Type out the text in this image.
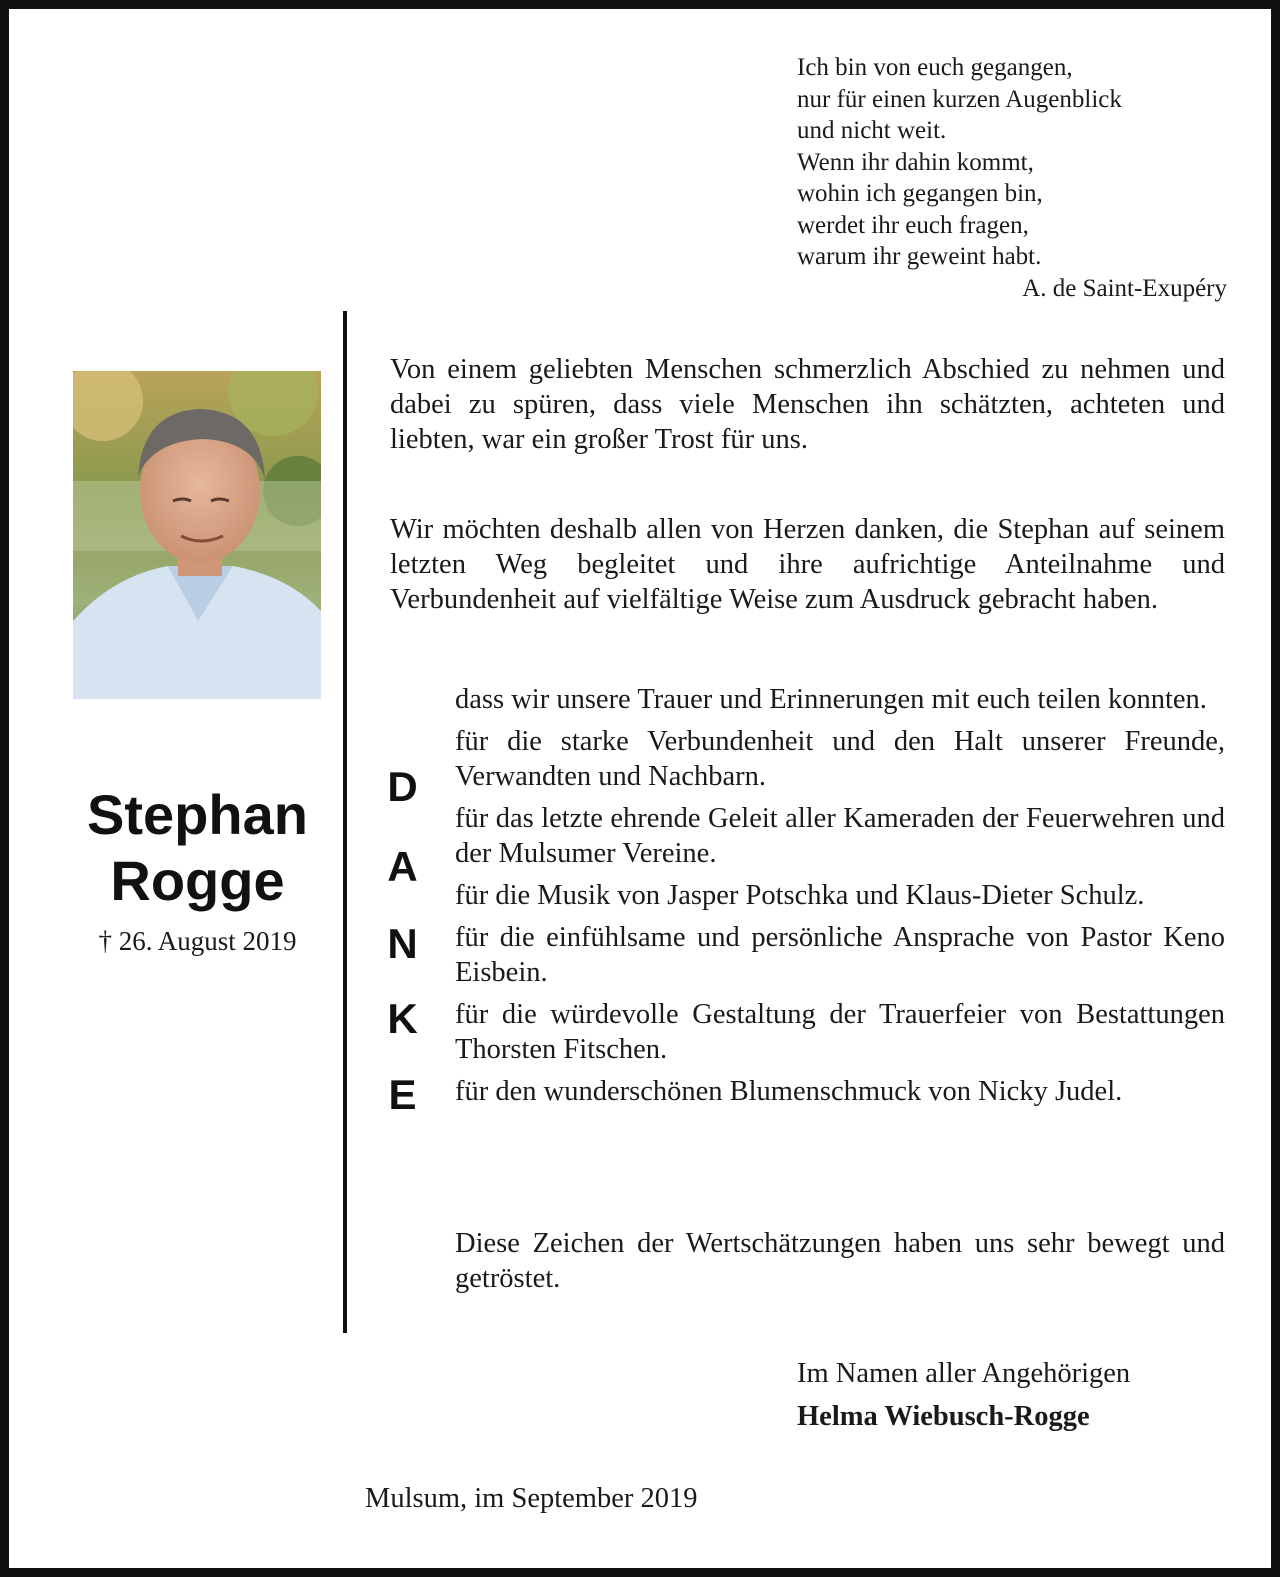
Ich bin von euch gegangen,
nur für einen kurzen Augenblick
und nicht weit.
Wenn ihr dahin kommt,
wohin ich gegangen bin,
werdet ihr euch fragen,
warum ihr geweint habt.
A. de Saint-Exupéry
Stephan
Rogge
† 26. August 2019
Von einem geliebten Menschen schmerzlich Abschied zu nehmen und dabei zu spüren, dass viele Menschen ihn schätzten, achteten und liebten, war ein großer Trost für uns.
Wir möchten deshalb allen von Herzen danken, die Stephan auf seinem letzten Weg begleitet und ihre aufrichtige Anteilnahme und Verbundenheit auf vielfältige Weise zum Ausdruck gebracht haben.
D
A
N
K
E
dass wir unsere Trauer und Erinnerungen mit euch teilen konnten.
für die starke Verbundenheit und den Halt unserer Freunde, Verwandten und Nachbarn.
für das letzte ehrende Geleit aller Kameraden der Feuerwehren und der Mulsumer Vereine.
für die Musik von Jasper Potschka und Klaus-Dieter Schulz.
für die einfühlsame und persönliche Ansprache von Pastor Keno Eisbein.
für die würdevolle Gestaltung der Trauerfeier von Bestattungen Thorsten Fitschen.
für den wunderschönen Blumenschmuck von Nicky Judel.
Diese Zeichen der Wertschätzungen haben uns sehr bewegt und getröstet.
Im Namen aller Angehörigen
Helma Wiebusch-Rogge
Mulsum, im September 2019
